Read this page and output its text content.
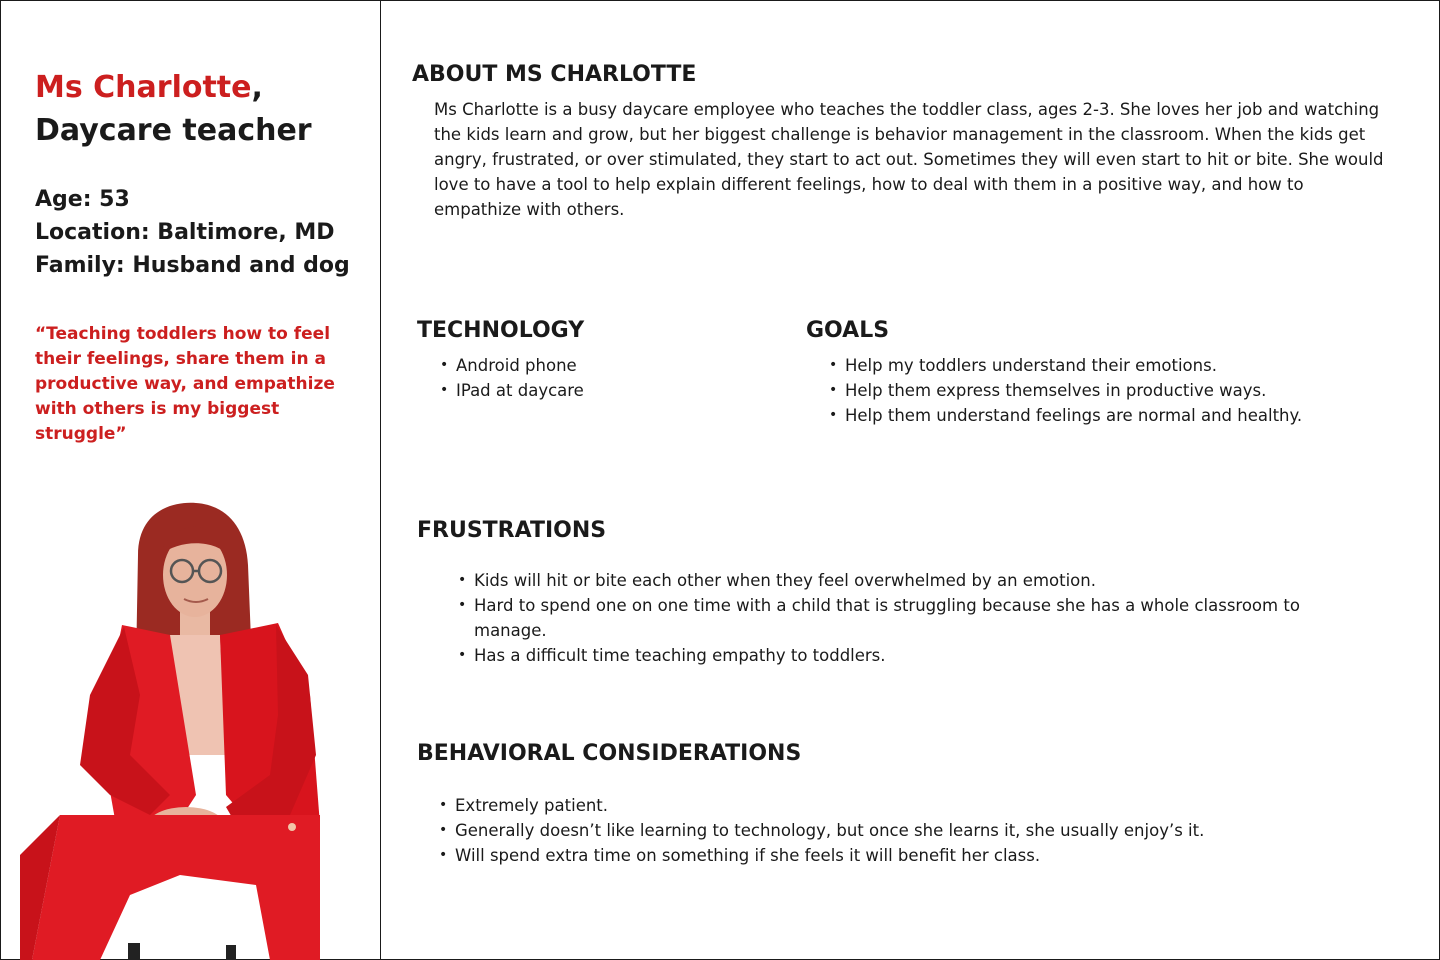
Ms Charlotte,
Daycare teacher
Age: 53
Location: Baltimore, MD
Family: Husband and dog
“Teaching toddlers how to feel their feelings, share them in a productive way, and empathize with others is my biggest struggle”
ABOUT MS CHARLOTTE
Ms Charlotte is a busy daycare employee who teaches the toddler class, ages 2-3. She loves her job and watching the kids learn and grow, but her biggest challenge is behavior management in the classroom. When the kids get angry, frustrated, or over stimulated, they start to act out. Sometimes they will even start to hit or bite. She would love to have a tool to help explain different feelings, how to deal with them in a positive way, and how to empathize with others.
TECHNOLOGY
• Android phone
• IPad at daycare
GOALS
• Help my toddlers understand their emotions.
• Help them express themselves in productive ways.
• Help them understand feelings are normal and healthy.
FRUSTRATIONS
• Kids will hit or bite each other when they feel overwhelmed by an emotion.
• Hard to spend one on one time with a child that is struggling because she has a whole classroom to manage.
• Has a difficult time teaching empathy to toddlers.
BEHAVIORAL CONSIDERATIONS
• Extremely patient.
• Generally doesn’t like learning to technology, but once she learns it, she usually enjoy’s it.
• Will spend extra time on something if she feels it will benefit her class.
